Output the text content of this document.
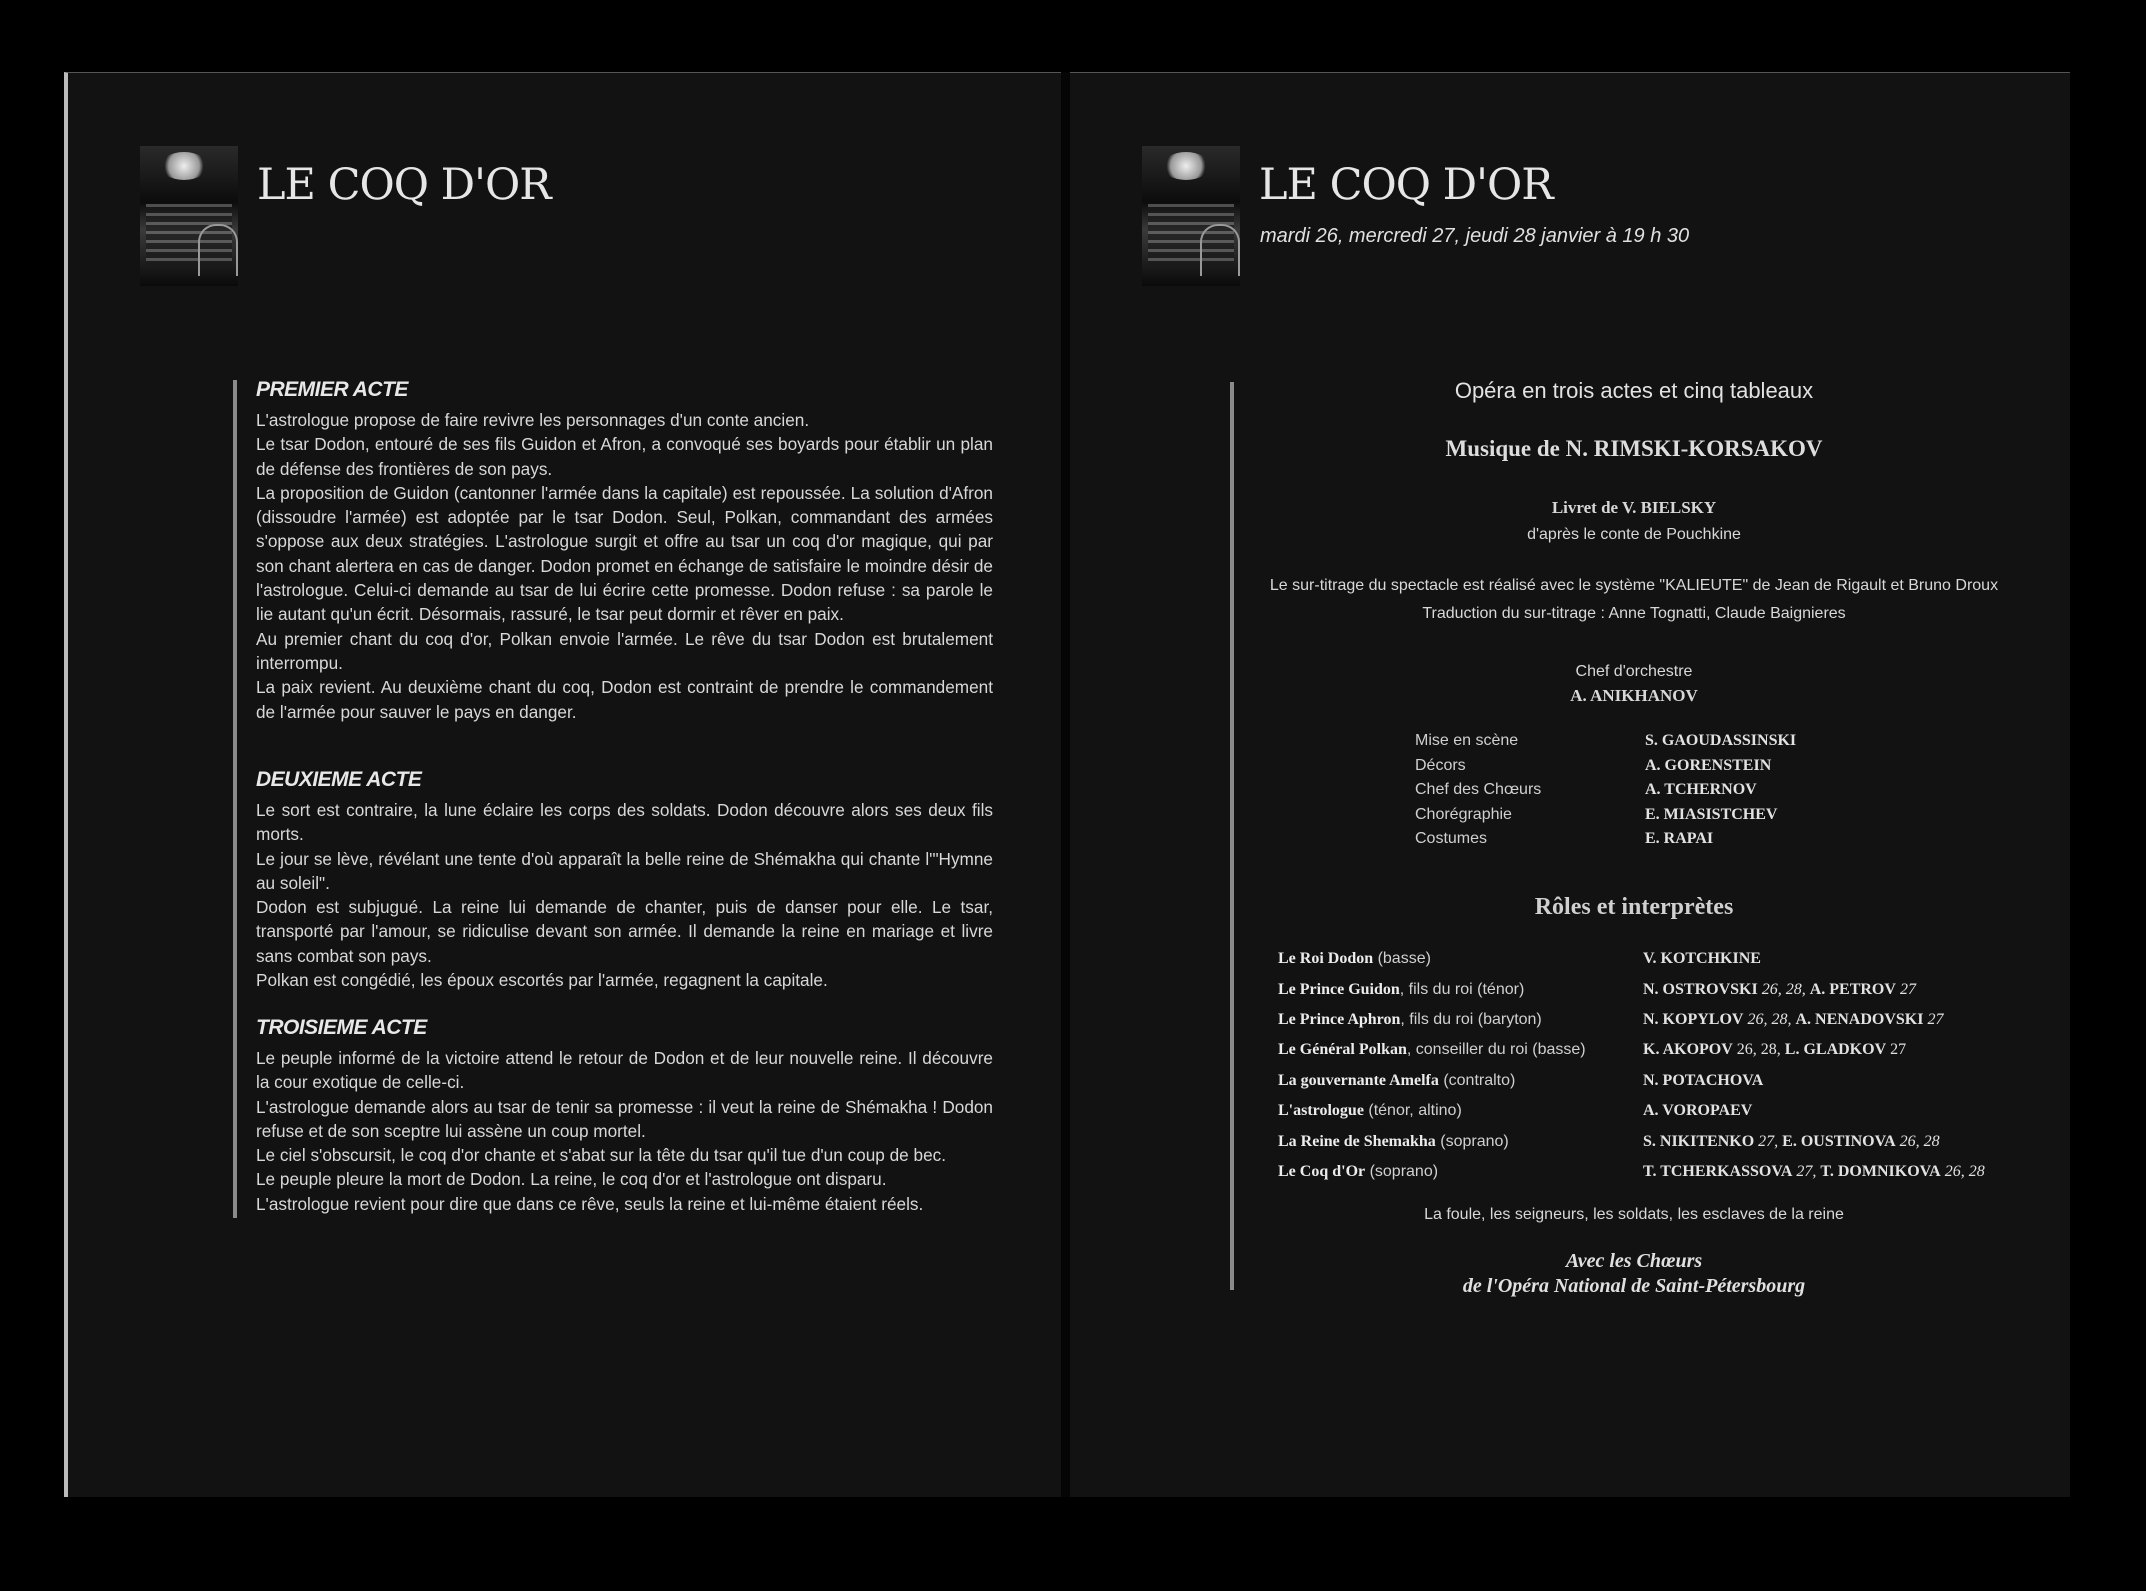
LE COQ D'OR
PREMIER ACTE

L'astrologue propose de faire revivre les personnages d'un conte ancien.

Le tsar Dodon, entouré de ses fils Guidon et Afron, a convoqué ses boyards pour établir un plan de défense des frontières de son pays.

La proposition de Guidon (cantonner l'armée dans la capitale) est repoussée. La solution d'Afron (dissoudre l'armée) est adoptée par le tsar Dodon. Seul, Polkan, commandant des armées s'oppose aux deux stratégies. L'astrologue surgit et offre au tsar un coq d'or magique, qui par son chant alertera en cas de danger. Dodon promet en échange de satisfaire le moindre désir de l'astrologue. Celui-ci demande au tsar de lui écrire cette promesse. Dodon refuse : sa parole le lie autant qu'un écrit. Désormais, rassuré, le tsar peut dormir et rêver en paix.

Au premier chant du coq d'or, Polkan envoie l'armée. Le rêve du tsar Dodon est brutalement interrompu.

La paix revient. Au deuxième chant du coq, Dodon est contraint de prendre le commandement de l'armée pour sauver le pays en danger.

DEUXIEME ACTE

Le sort est contraire, la lune éclaire les corps des soldats. Dodon découvre alors ses deux fils morts.

Le jour se lève, révélant une tente d'où apparaît la belle reine de Shémakha qui chante l'"Hymne au soleil".

Dodon est subjugué. La reine lui demande de chanter, puis de danser pour elle. Le tsar, transporté par l'amour, se ridiculise devant son armée. Il demande la reine en mariage et livre sans combat son pays.

Polkan est congédié, les époux escortés par l'armée, regagnent la capitale.

TROISIEME ACTE

Le peuple informé de la victoire attend le retour de Dodon et de leur nouvelle reine. Il découvre la cour exotique de celle-ci.

L'astrologue demande alors au tsar de tenir sa promesse : il veut la reine de Shémakha ! Dodon refuse et de son sceptre lui assène un coup mortel.

Le ciel s'obscursit, le coq d'or chante et s'abat sur la tête du tsar qu'il tue d'un coup de bec.

Le peuple pleure la mort de Dodon. La reine, le coq d'or et l'astrologue ont disparu.

L'astrologue revient pour dire que dans ce rêve, seuls la reine et lui-même étaient réels.

LE COQ D'OR
mardi 26, mercredi 27, jeudi 28 janvier à 19 h 30
Opéra en trois actes et cinq tableaux
Musique de N. RIMSKI-KORSAKOV
Livret de V. BIELSKY
d'après le conte de Pouchkine
Le sur-titrage du spectacle est réalisé avec le système "KALIEUTE" de Jean de Rigault et Bruno Droux
Traduction du sur-titrage : Anne Tognatti, Claude Baignieres
Chef d'orchestre
A. ANIKHANOV
Mise en scène	S. GAOUDASSINSKI
Décors	A. GORENSTEIN
Chef des Chœurs	A. TCHERNOV
Chorégraphie	E. MIASISTCHEV
Costumes	E. RAPAI
Rôles et interprètes
Le Roi Dodon (basse)	V. KOTCHKINE
Le Prince Guidon, fils du roi (ténor)	N. OSTROVSKI 26, 28, A. PETROV 27
Le Prince Aphron, fils du roi (baryton)	N. KOPYLOV 26, 28, A. NENADOVSKI 27
Le Général Polkan, conseiller du roi (basse)	K. AKOPOV 26, 28, L. GLADKOV 27
La gouvernante Amelfa (contralto)	N. POTACHOVA
L'astrologue (ténor, altino)	A. VOROPAEV
La Reine de Shemakha (soprano)	S. NIKITENKO 27, E. OUSTINOVA 26, 28
Le Coq d'Or (soprano)	T. TCHERKASSOVA 27, T. DOMNIKOVA 26, 28
La foule, les seigneurs, les soldats, les esclaves de la reine
Avec les Chœurs
de l'Opéra National de Saint-Pétersbourg
